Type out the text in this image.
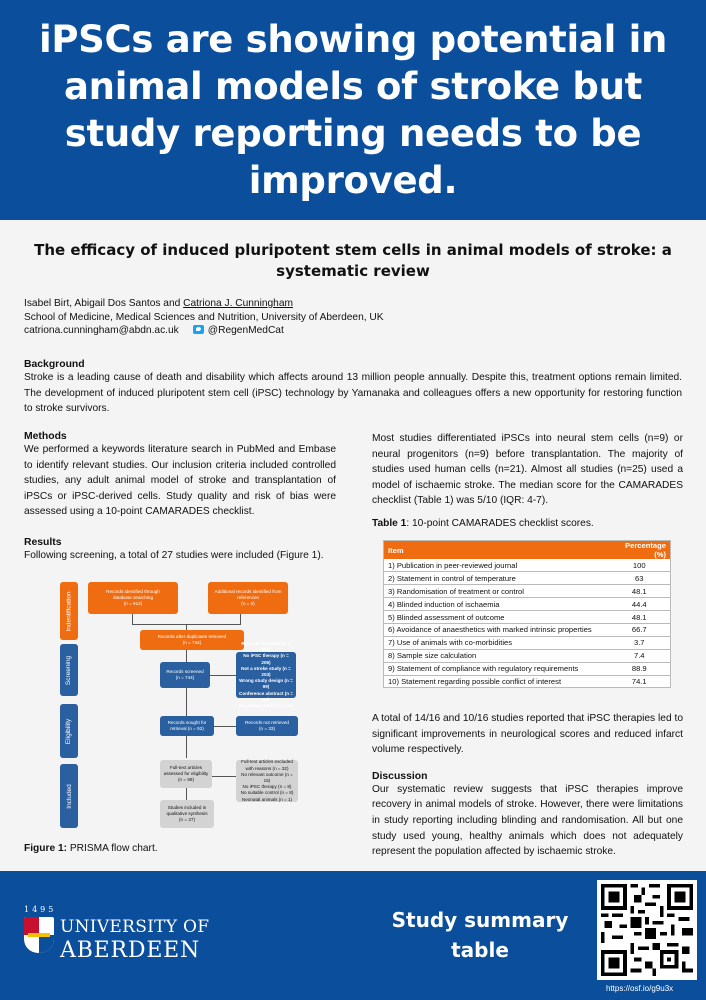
iPSCs are showing potential in animal models of stroke but study reporting needs to be improved.
The efficacy of induced pluripotent stem cells in animal models of stroke: a systematic review
Isabel Birt, Abigail Dos Santos and Catriona J. Cunningham
School of Medicine, Medical Sciences and Nutrition, University of Aberdeen, UK
catriona.cunningham@abdn.ac.uk	@RegenMedCat
Background
Stroke is a leading cause of death and disability which affects around 13 million people annually. Despite this, treatment options remain limited. The development of induced pluripotent stem cell (iPSC) technology by Yamanaka and colleagues offers a new opportunity for restoring function to stroke survivors.
Methods
We performed a keywords literature search in PubMed and Embase to identify relevant studies. Our inclusion criteria included controlled studies, any adult animal model of stroke and transplantation of iPSCs or iPSC-derived cells. Study quality and risk of bias were assessed using a 10-point CAMARADES checklist.
Results
Following screening, a total of 27 studies were included (Figure 1).
Most studies differentiated iPSCs into neural stem cells (n=9) or neural progenitors (n=9) before transplantation. The majority of studies used human cells (n=21). Almost all studies (n=25) used a model of ischaemic stroke. The median score for the CAMARADES checklist (Table 1) was 5/10 (IQR: 4-7).
Table 1: 10-point CAMARADES checklist scores.
Item	Percentage (%)
1) Publication in peer-reviewed journal	100
2) Statement in control of temperature	63
3) Randomisation of treatment or control	48.1
4) Blinded induction of ischaemia	44.4
5) Blinded assessment of outcome	48.1
6) Avoidance of anaesthetics with marked intrinsic properties	66.7
7) Use of animals with co-morbidities	3.7
8) Sample size calculation	7.4
9) Statement of compliance with regulatory requirements	88.9
10) Statement regarding possible conflict of interest	74.1
A total of 14/16 and 10/16 studies reported that iPSC therapies led to significant improvements in neurological scores and reduced infarct volume respectively.
Discussion
Our systematic review suggests that iPSC therapies improve recovery in animal models of stroke. However, there were limitations in study reporting including blinding and randomisation. All but one study used young, healthy animals which does not adequately represent the population affected by ischaemic stroke.
Indentification
Screening
Eligibility
Included
Records identified through
database searching
(n = 914)
Additional records identified from
references
(n = 0)
Records after duplicates removed
(n = 744)
Records screened
(n = 744)
Records excluded (n = 652)
No iPSC therapy (n = 205)
Not a stroke study (n = 203)
Wrong study design (n = 99)
Conference abstract (n = 34)
No animal model (n = 11)
Records sought for
retrieval (n = 92)
Records not retrieved
(n = 33)
Full-text articles
assessed for eligibility
(n = 59)
Full-text articles excluded
with reasons (n = 32)
No relevant outcome (n = 15)
No iPSC therapy (n = 8)
No suitable control (n = 8)
Neonatal animals (n = 1)
Studies included in
qualitative synthesis
(n = 27)
Figure 1: PRISMA flow chart.
1495
UNIVERSITY OF
ABERDEEN
Study summary table
https://osf.io/g9u3x
